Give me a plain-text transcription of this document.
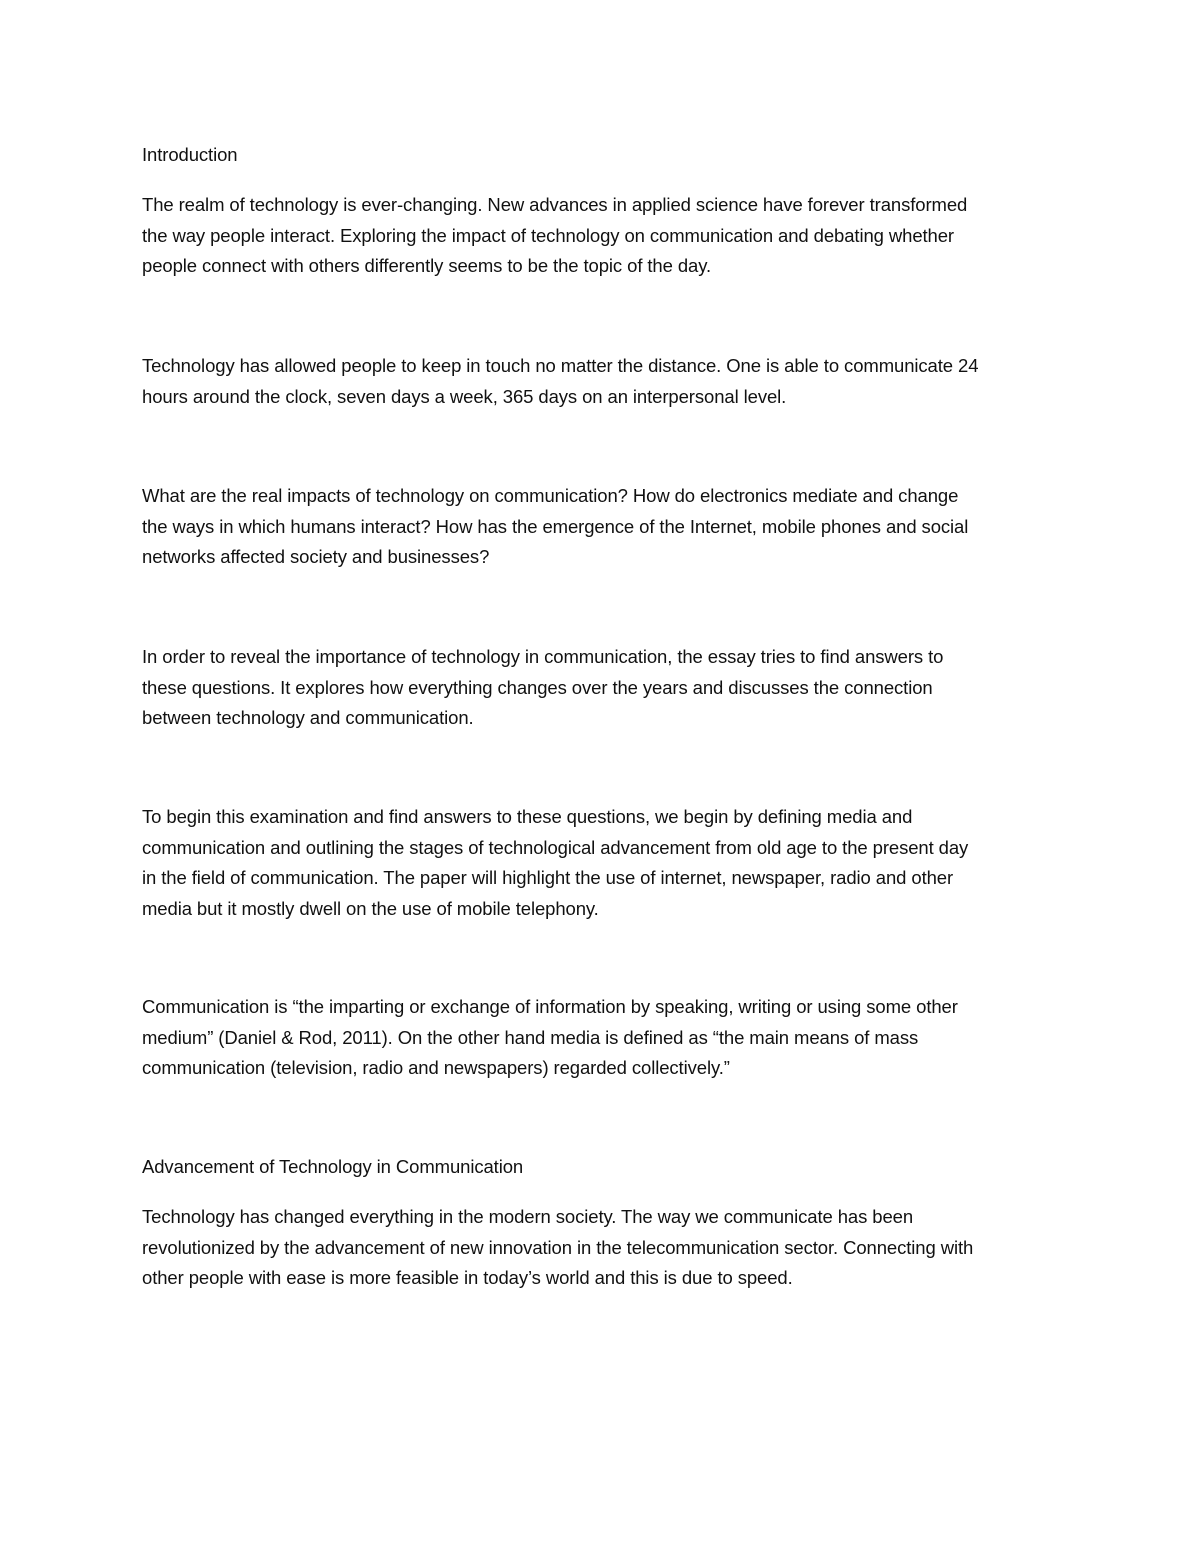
Introduction
The realm of technology is ever-changing. New advances in applied science have forever transformed
the way people interact. Exploring the impact of technology on communication and debating whether
people connect with others differently seems to be the topic of the day.
Technology has allowed people to keep in touch no matter the distance. One is able to communicate 24
hours around the clock, seven days a week, 365 days on an interpersonal level.
What are the real impacts of technology on communication? How do electronics mediate and change
the ways in which humans interact? How has the emergence of the Internet, mobile phones and social
networks affected society and businesses?
In order to reveal the importance of technology in communication, the essay tries to find answers to
these questions. It explores how everything changes over the years and discusses the connection
between technology and communication.
To begin this examination and find answers to these questions, we begin by defining media and
communication and outlining the stages of technological advancement from old age to the present day
in the field of communication. The paper will highlight the use of internet, newspaper, radio and other
media but it mostly dwell on the use of mobile telephony.
Communication is “the imparting or exchange of information by speaking, writing or using some other
medium” (Daniel & Rod, 2011). On the other hand media is defined as “the main means of mass
communication (television, radio and newspapers) regarded collectively.”
Advancement of Technology in Communication
Technology has changed everything in the modern society. The way we communicate has been
revolutionized by the advancement of new innovation in the telecommunication sector. Connecting with
other people with ease is more feasible in today’s world and this is due to speed.
